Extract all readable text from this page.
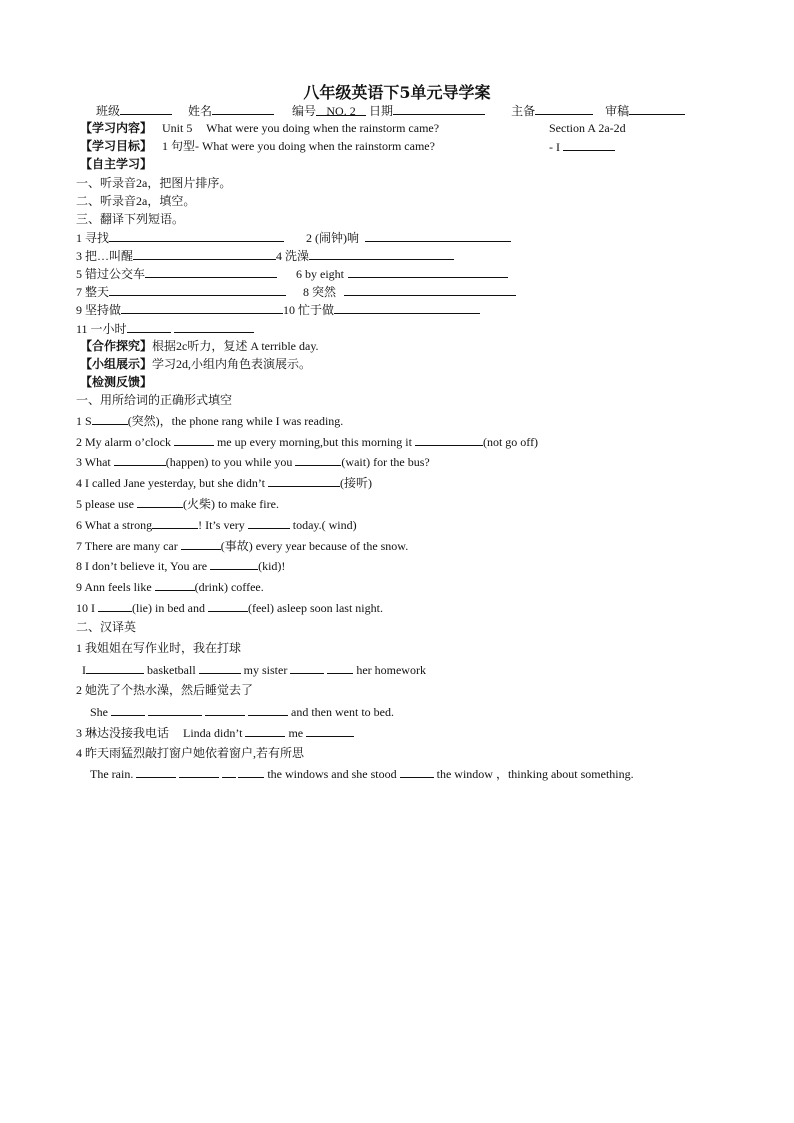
八年级英语下5单元导学案
班级	姓名	编号 NO. 2 日期	主备	审稿
【学习内容】 Unit 5 What were you doing when the rainstorm came?	Section A 2a-2d
【学习目标】 1 句型- What were you doing when the rainstorm came?	- I
【自主学习】
一、听录音2a，把图片排序。
二、听录音2a，填空。
三、翻译下列短语。
1 寻找	2 (闹钟)响
3 把…叫醒	4 洗澡
5 错过公交车	6 by eight
7 整天	8 突然
9 坚持做	10 忙于做
11 一小时
【合作探究】根据2c听力，复述 A terrible day.
【小组展示】学习2d,小组内角色表演展示。
【检测反馈】
一、用所给词的正确形式填空
1 S	(突然)，the phone rang while I was reading.
2 My alarm o’clock	me up every morning,but this morning it	(not go off)
3 What	(happen) to you while you	(wait) for the bus?
4 I called Jane yesterday, but she didn’t	(接听)
5 please use	(火柴) to make fire.
6 What a strong	! It’s very	today.( wind)
7 There are many car	(事故) every year because of the snow.
8 I don’t believe it, You are	(kid)!
9 Ann feels like	(drink) coffee.
10 I	(lie) in bed and	(feel) asleep soon last night.
二、汉译英
1 我姐姐在写作业时，我在打球
I	basketball	my sister	her homework
2 她洗了个热水澡，然后睡觉去了
She	and then went to bed.
3 琳达没接我电话 Linda didn’t	me
4 昨天雨猛烈敲打窗户她依着窗户,若有所思
The rain.	the windows and she stood	the window ，thinking about something.
